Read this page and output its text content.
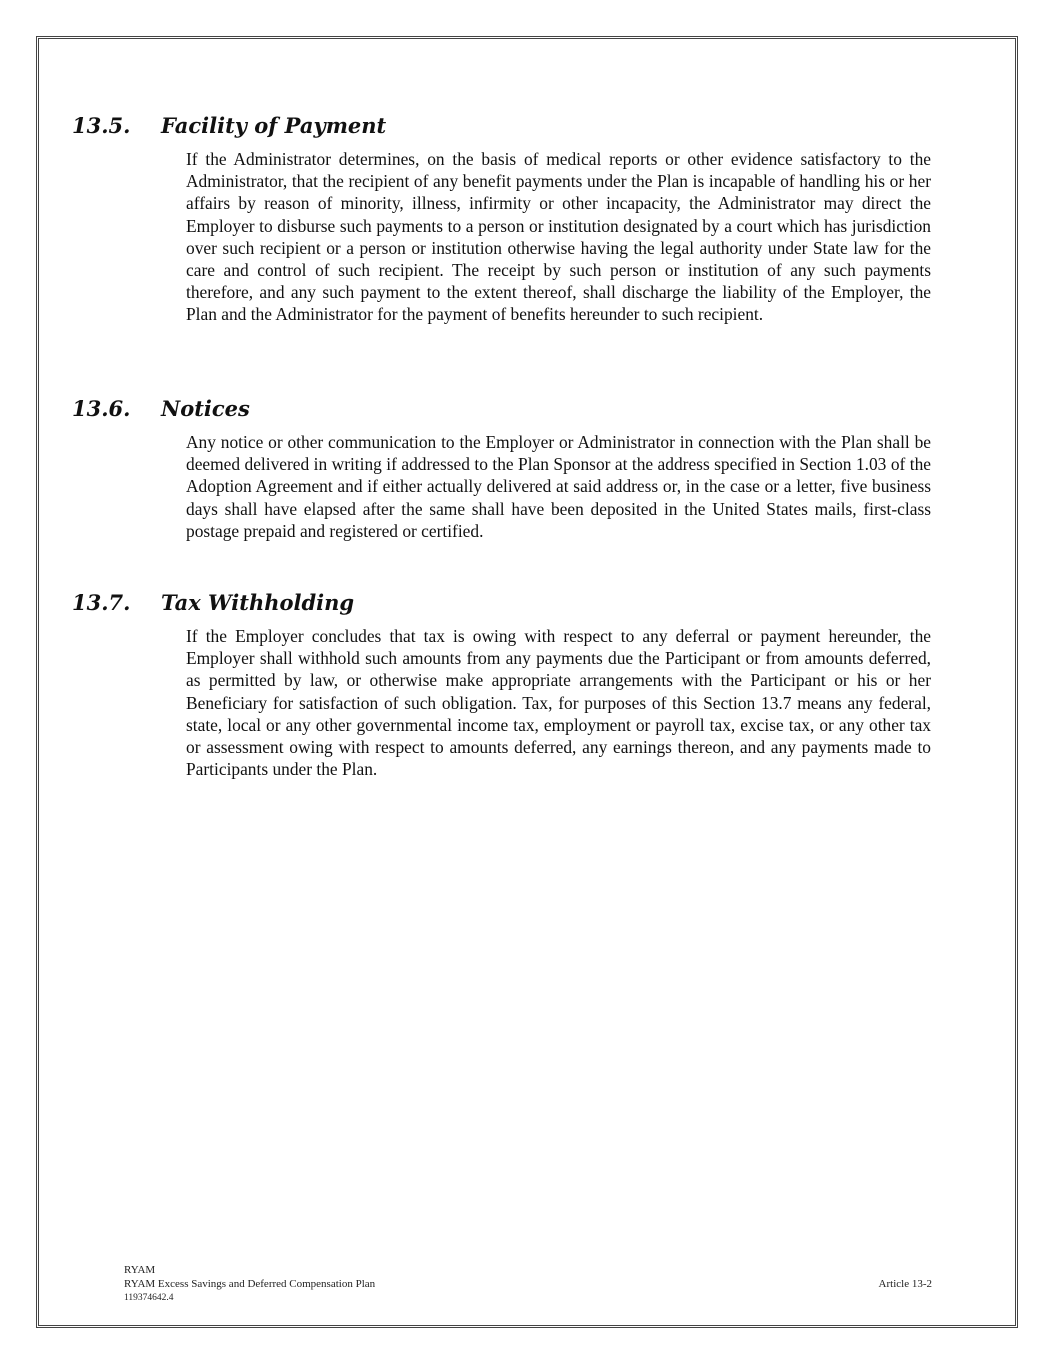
13.5. Facility of Payment

If the Administrator determines, on the basis of medical reports or other evidence satisfactory to the Administrator, that the recipient of any benefit payments under the Plan is incapable of handling his or her affairs by reason of minority, illness, infirmity or other incapacity, the Administrator may direct the Employer to disburse such payments to a person or institution designated by a court which has jurisdiction over such recipient or a person or institution otherwise having the legal authority under State law for the care and control of such recipient. The receipt by such person or institution of any such payments therefore, and any such payment to the extent thereof, shall discharge the liability of the Employer, the Plan and the Administrator for the payment of benefits hereunder to such recipient.

13.6. Notices

Any notice or other communication to the Employer or Administrator in connection with the Plan shall be deemed delivered in writing if addressed to the Plan Sponsor at the address specified in Section 1.03 of the Adoption Agreement and if either actually delivered at said address or, in the case or a letter, five business days shall have elapsed after the same shall have been deposited in the United States mails, first-class postage prepaid and registered or certified.

13.7. Tax Withholding

If the Employer concludes that tax is owing with respect to any deferral or payment hereunder, the Employer shall withhold such amounts from any payments due the Participant or from amounts deferred, as permitted by law, or otherwise make appropriate arrangements with the Participant or his or her Beneficiary for satisfaction of such obligation. Tax, for purposes of this Section 13.7 means any federal, state, local or any other governmental income tax, employment or payroll tax, excise tax, or any other tax or assessment owing with respect to amounts deferred, any earnings thereon, and any payments made to Participants under the Plan.

RYAM
RYAM Excess Savings and Deferred Compensation Plan
119374642.4
Article 13-2
